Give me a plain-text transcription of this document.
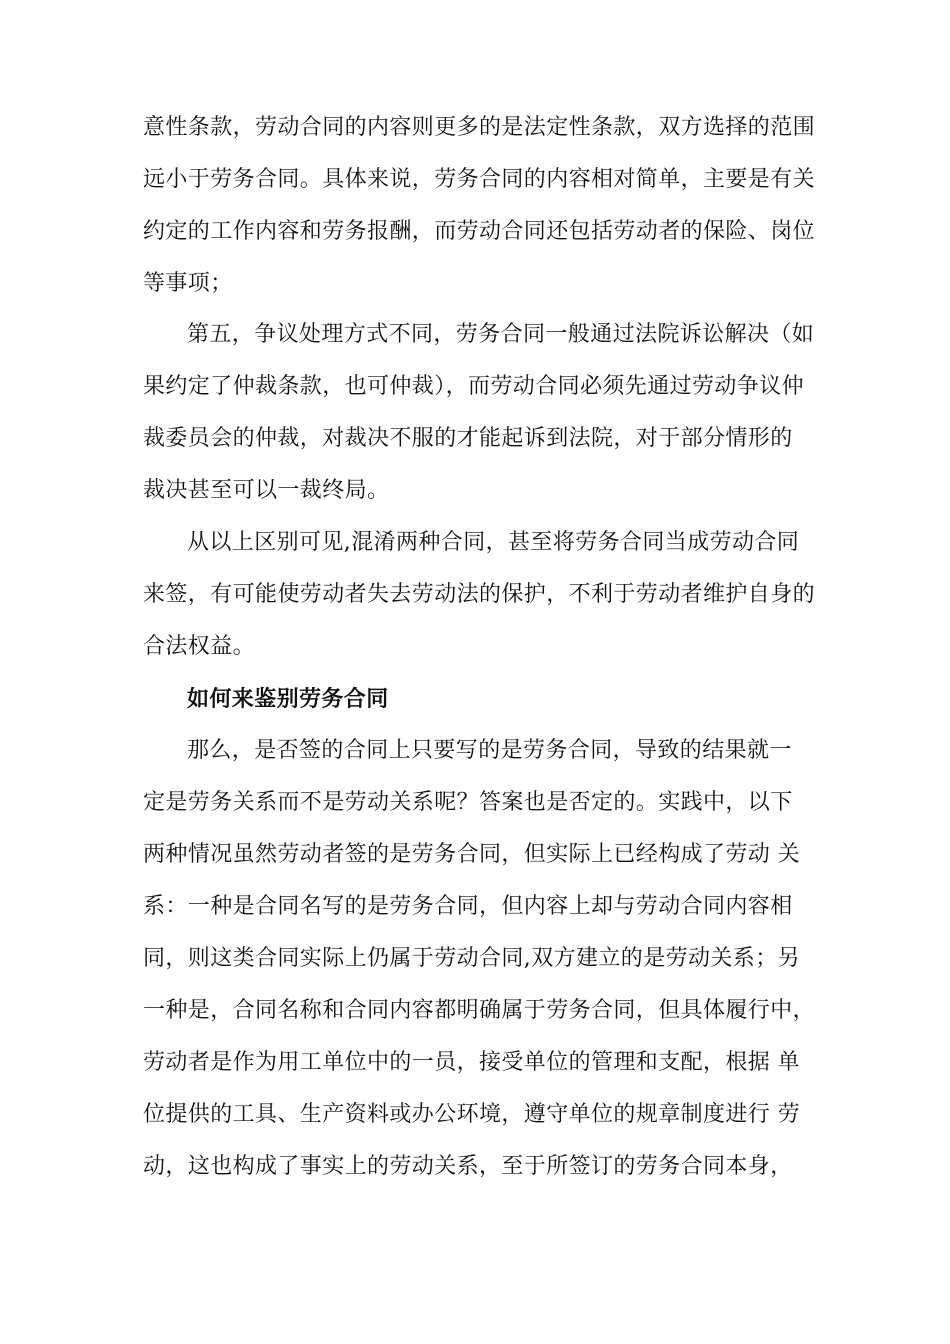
意性条款，劳动合同的内容则更多的是法定性条款，双方选择的范围
远小于劳务合同。具体来说，劳务合同的内容相对简单，主要是有关
约定的工作内容和劳务报酬，而劳动合同还包括劳动者的保险、岗位
等事项；
第五，争议处理方式不同，劳务合同一般通过法院诉讼解决（如
果约定了仲裁条款，也可仲裁），而劳动合同必须先通过劳动争议仲
裁委员会的仲裁，对裁决不服的才能起诉到法院，对于部分情形的
裁决甚至可以一裁终局。
从以上区别可见,混淆两种合同，甚至将劳务合同当成劳动合同
来签，有可能使劳动者失去劳动法的保护，不利于劳动者维护自身的
合法权益。
如何来鉴别劳务合同
那么，是否签的合同上只要写的是劳务合同，导致的结果就一
定是劳务关系而不是劳动关系呢？答案也是否定的。实践中，以下
两种情况虽然劳动者签的是劳务合同，但实际上已经构成了劳动 关
系：一种是合同名写的是劳务合同，但内容上却与劳动合同内容相
同，则这类合同实际上仍属于劳动合同,双方建立的是劳动关系；另
一种是，合同名称和合同内容都明确属于劳务合同，但具体履行中，
劳动者是作为用工单位中的一员，接受单位的管理和支配，根据 单
位提供的工具、生产资料或办公环境，遵守单位的规章制度进行 劳
动，这也构成了事实上的劳动关系，至于所签订的劳务合同本身，
